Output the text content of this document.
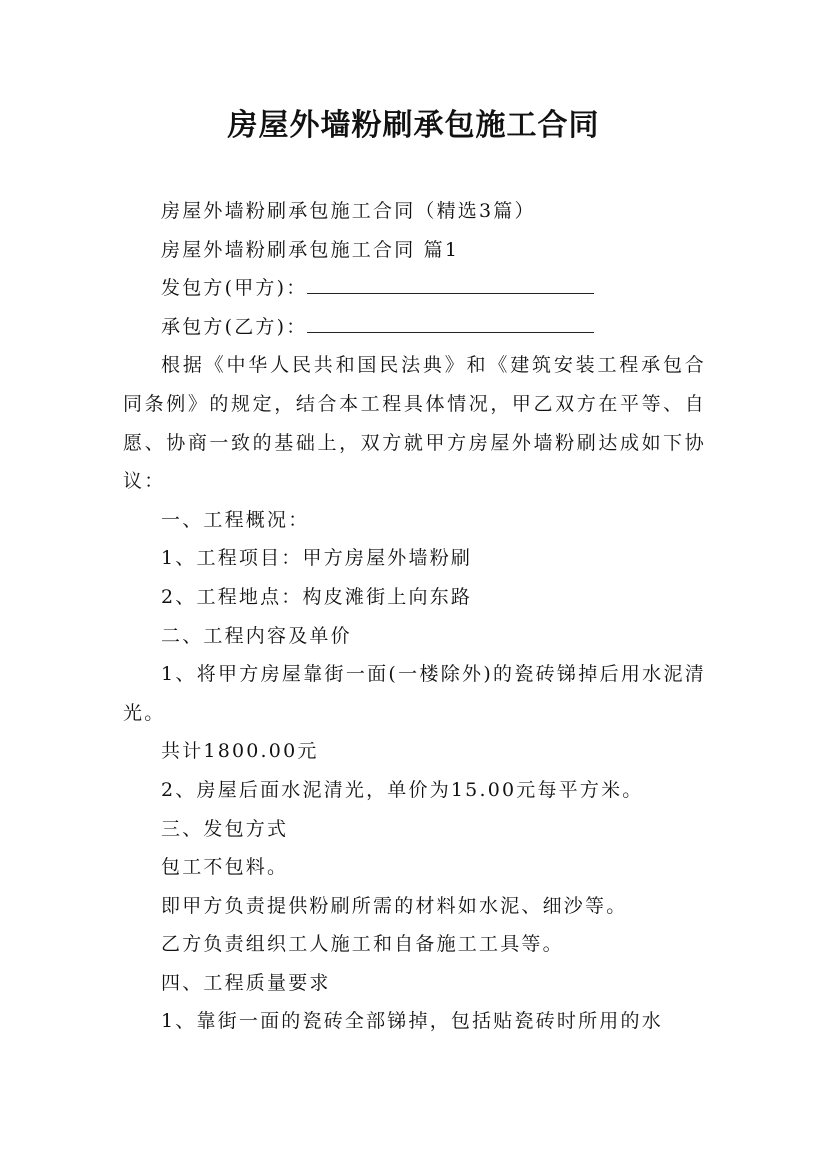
房屋外墙粉刷承包施工合同

房屋外墙粉刷承包施工合同（精选3篇）

房屋外墙粉刷承包施工合同 篇1

发包方(甲方)：

承包方(乙方)：

根据《中华人民共和国民法典》和《建筑安装工程承包合同条例》的规定，结合本工程具体情况，甲乙双方在平等、自愿、协商一致的基础上，双方就甲方房屋外墙粉刷达成如下协议：

一、工程概况：

1、工程项目：甲方房屋外墙粉刷

2、工程地点：构皮滩街上向东路

二、工程内容及单价

1、将甲方房屋靠街一面(一楼除外)的瓷砖锑掉后用水泥清光。

共计1800.00元

2、房屋后面水泥清光，单价为15.00元每平方米。

三、发包方式

包工不包料。

即甲方负责提供粉刷所需的材料如水泥、细沙等。

乙方负责组织工人施工和自备施工工具等。

四、工程质量要求

1、靠街一面的瓷砖全部锑掉，包括贴瓷砖时所用的水
